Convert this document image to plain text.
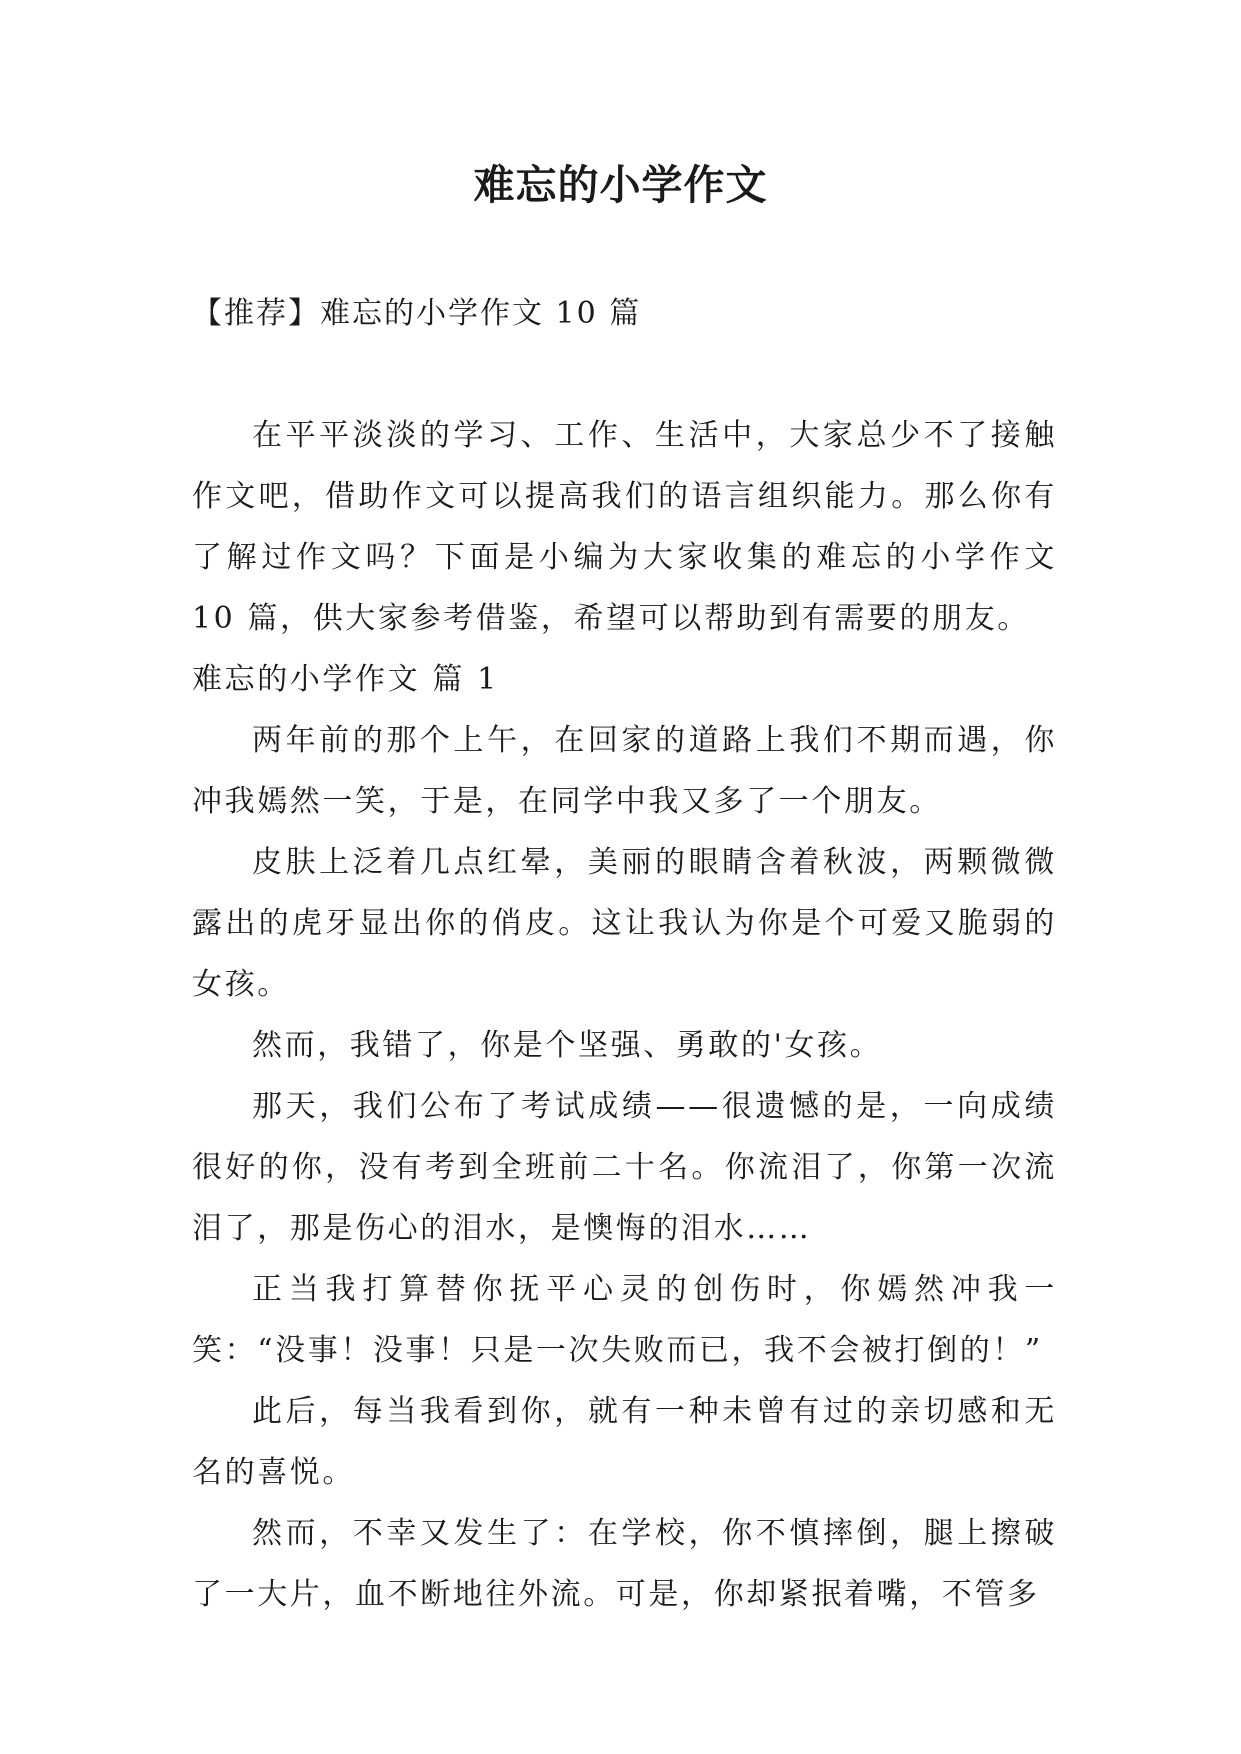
难忘的小学作文

【推荐】难忘的小学作文 10 篇

在平平淡淡的学习、工作、生活中，大家总少不了接触作文吧，借助作文可以提高我们的语言组织能力。那么你有了解过作文吗？下面是小编为大家收集的难忘的小学作文 10 篇，供大家参考借鉴，希望可以帮助到有需要的朋友。

难忘的小学作文 篇 1

两年前的那个上午，在回家的道路上我们不期而遇，你冲我嫣然一笑，于是，在同学中我又多了一个朋友。

皮肤上泛着几点红晕，美丽的眼睛含着秋波，两颗微微露出的虎牙显出你的俏皮。这让我认为你是个可爱又脆弱的女孩。

然而，我错了，你是个坚强、勇敢的'女孩。

那天，我们公布了考试成绩——很遗憾的是，一向成绩很好的你，没有考到全班前二十名。你流泪了，你第一次流泪了，那是伤心的泪水，是懊悔的泪水……

正当我打算替你抚平心灵的创伤时，你嫣然冲我一笑：“没事！没事！只是一次失败而已，我不会被打倒的！”

此后，每当我看到你，就有一种未曾有过的亲切感和无名的喜悦。

然而，不幸又发生了：在学校，你不慎摔倒，腿上擦破了一大片，血不断地往外流。可是，你却紧抿着嘴，不管多
